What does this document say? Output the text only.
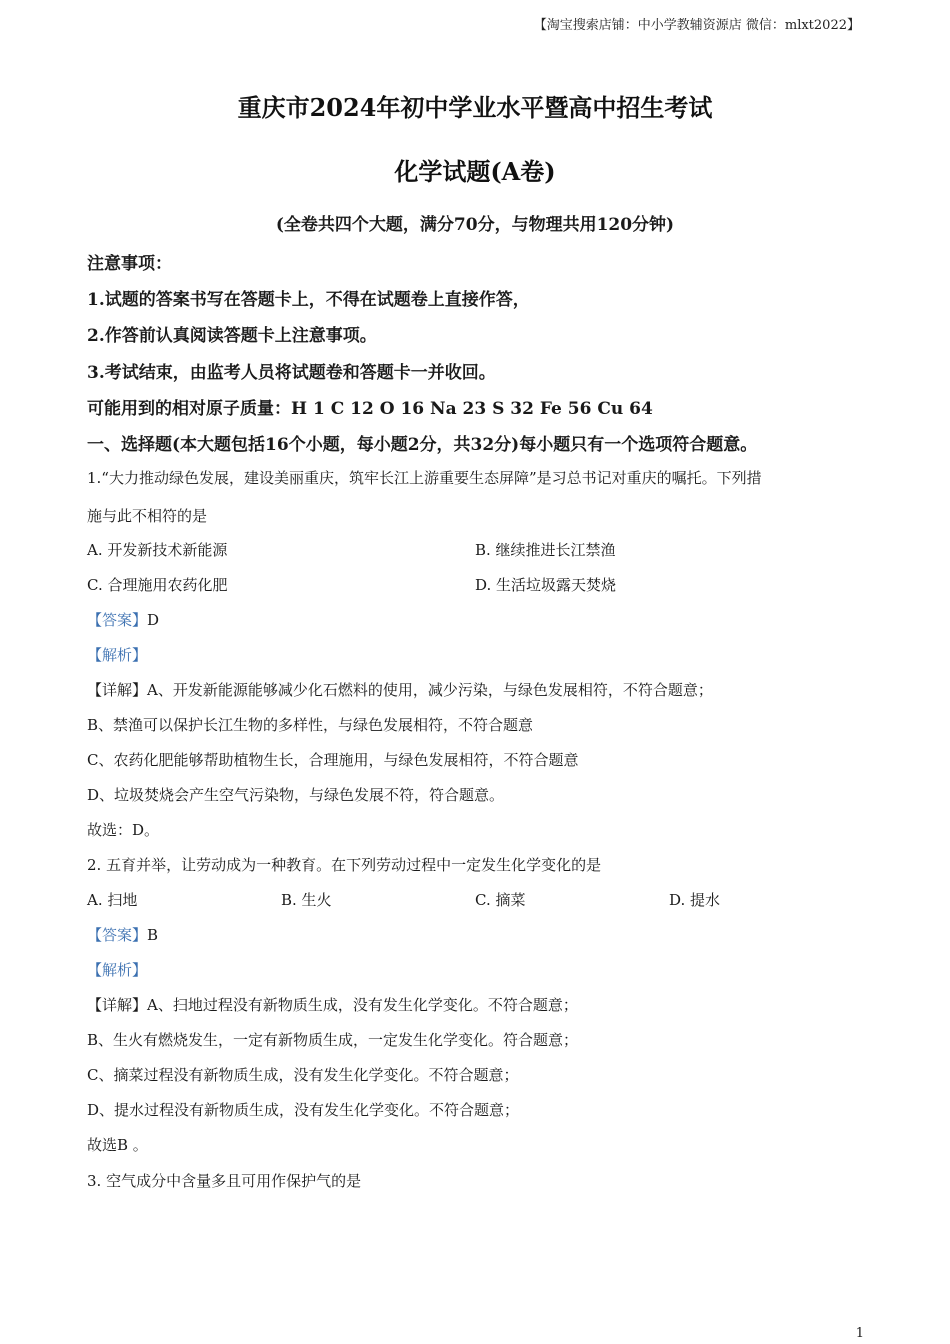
【淘宝搜索店铺：中小学教辅资源店 微信：mlxt2022】
重庆市2024年初中学业水平暨高中招生考试
化学试题(A卷)
(全卷共四个大题，满分70分，与物理共用120分钟)
注意事项：
1.试题的答案书写在答题卡上，不得在试题卷上直接作答，
2.作答前认真阅读答题卡上注意事项。
3.考试结束，由监考人员将试题卷和答题卡一并收回。
可能用到的相对原子质量：H 1 C 12 O 16 Na 23 S 32 Fe 56 Cu 64
一、选择题(本大题包括16个小题，每小题2分，共32分)每小题只有一个选项符合题意。
1.“大力推动绿色发展，建设美丽重庆，筑牢长江上游重要生态屏障”是习总书记对重庆的嘱托。下列措
施与此不相符的是
A. 开发新技术新能源	B. 继续推进长江禁渔
C. 合理施用农药化肥	D. 生活垃圾露天焚烧
【答案】D
【解析】
【详解】A、开发新能源能够减少化石燃料的使用，减少污染，与绿色发展相符，不符合题意；
B、禁渔可以保护长江生物的多样性，与绿色发展相符，不符合题意
C、农药化肥能够帮助植物生长，合理施用，与绿色发展相符，不符合题意
D、垃圾焚烧会产生空气污染物，与绿色发展不符，符合题意。
故选：D。
2. 五育并举，让劳动成为一种教育。在下列劳动过程中一定发生化学变化的是
A. 扫地	B. 生火	C. 摘菜	D. 提水
【答案】B
【解析】
【详解】A、扫地过程没有新物质生成，没有发生化学变化。不符合题意；
B、生火有燃烧发生，一定有新物质生成，一定发生化学变化。符合题意；
C、摘菜过程没有新物质生成，没有发生化学变化。不符合题意；
D、提水过程没有新物质生成，没有发生化学变化。不符合题意；
故选B 。
3. 空气成分中含量多且可用作保护气的是
1
